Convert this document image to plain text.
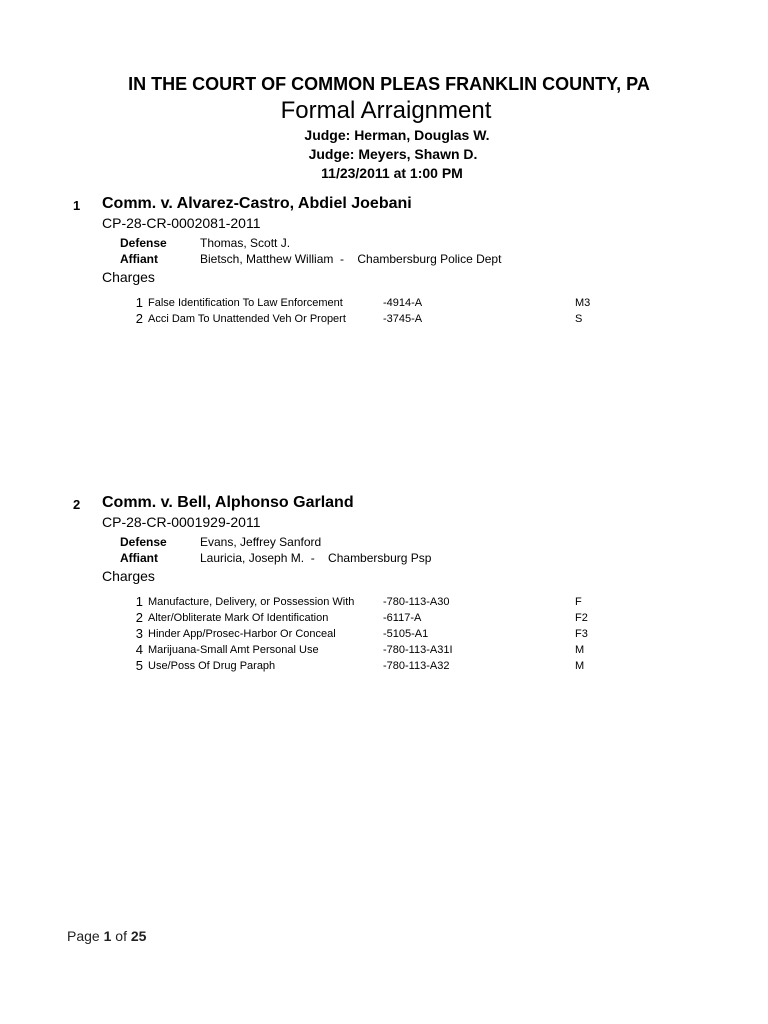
IN THE COURT OF COMMON PLEAS FRANKLIN COUNTY, PA
Formal Arraignment
Judge: Herman, Douglas W.
Judge: Meyers, Shawn D.
11/23/2011 at 1:00 PM
1 Comm. v. Alvarez-Castro, Abdiel Joebani
CP-28-CR-0002081-2011
Defense	Thomas, Scott J.
Affiant	Bietsch, Matthew William  -    Chambersburg Police Dept
Charges
1 False Identification To Law Enforcement	-4914-A	M3
2 Acci Dam To Unattended Veh Or Propert	-3745-A	S
2 Comm. v. Bell, Alphonso Garland
CP-28-CR-0001929-2011
Defense	Evans, Jeffrey Sanford
Affiant	Lauricia, Joseph M.  -    Chambersburg Psp
Charges
1 Manufacture, Delivery, or Possession With	-780-113-A30	F
2 Alter/Obliterate Mark Of Identification	-6117-A	F2
3 Hinder App/Prosec-Harbor Or Conceal	-5105-A1	F3
4 Marijuana-Small Amt Personal Use	-780-113-A31I	M
5 Use/Poss Of Drug Paraph	-780-113-A32	M
Page 1 of 25
